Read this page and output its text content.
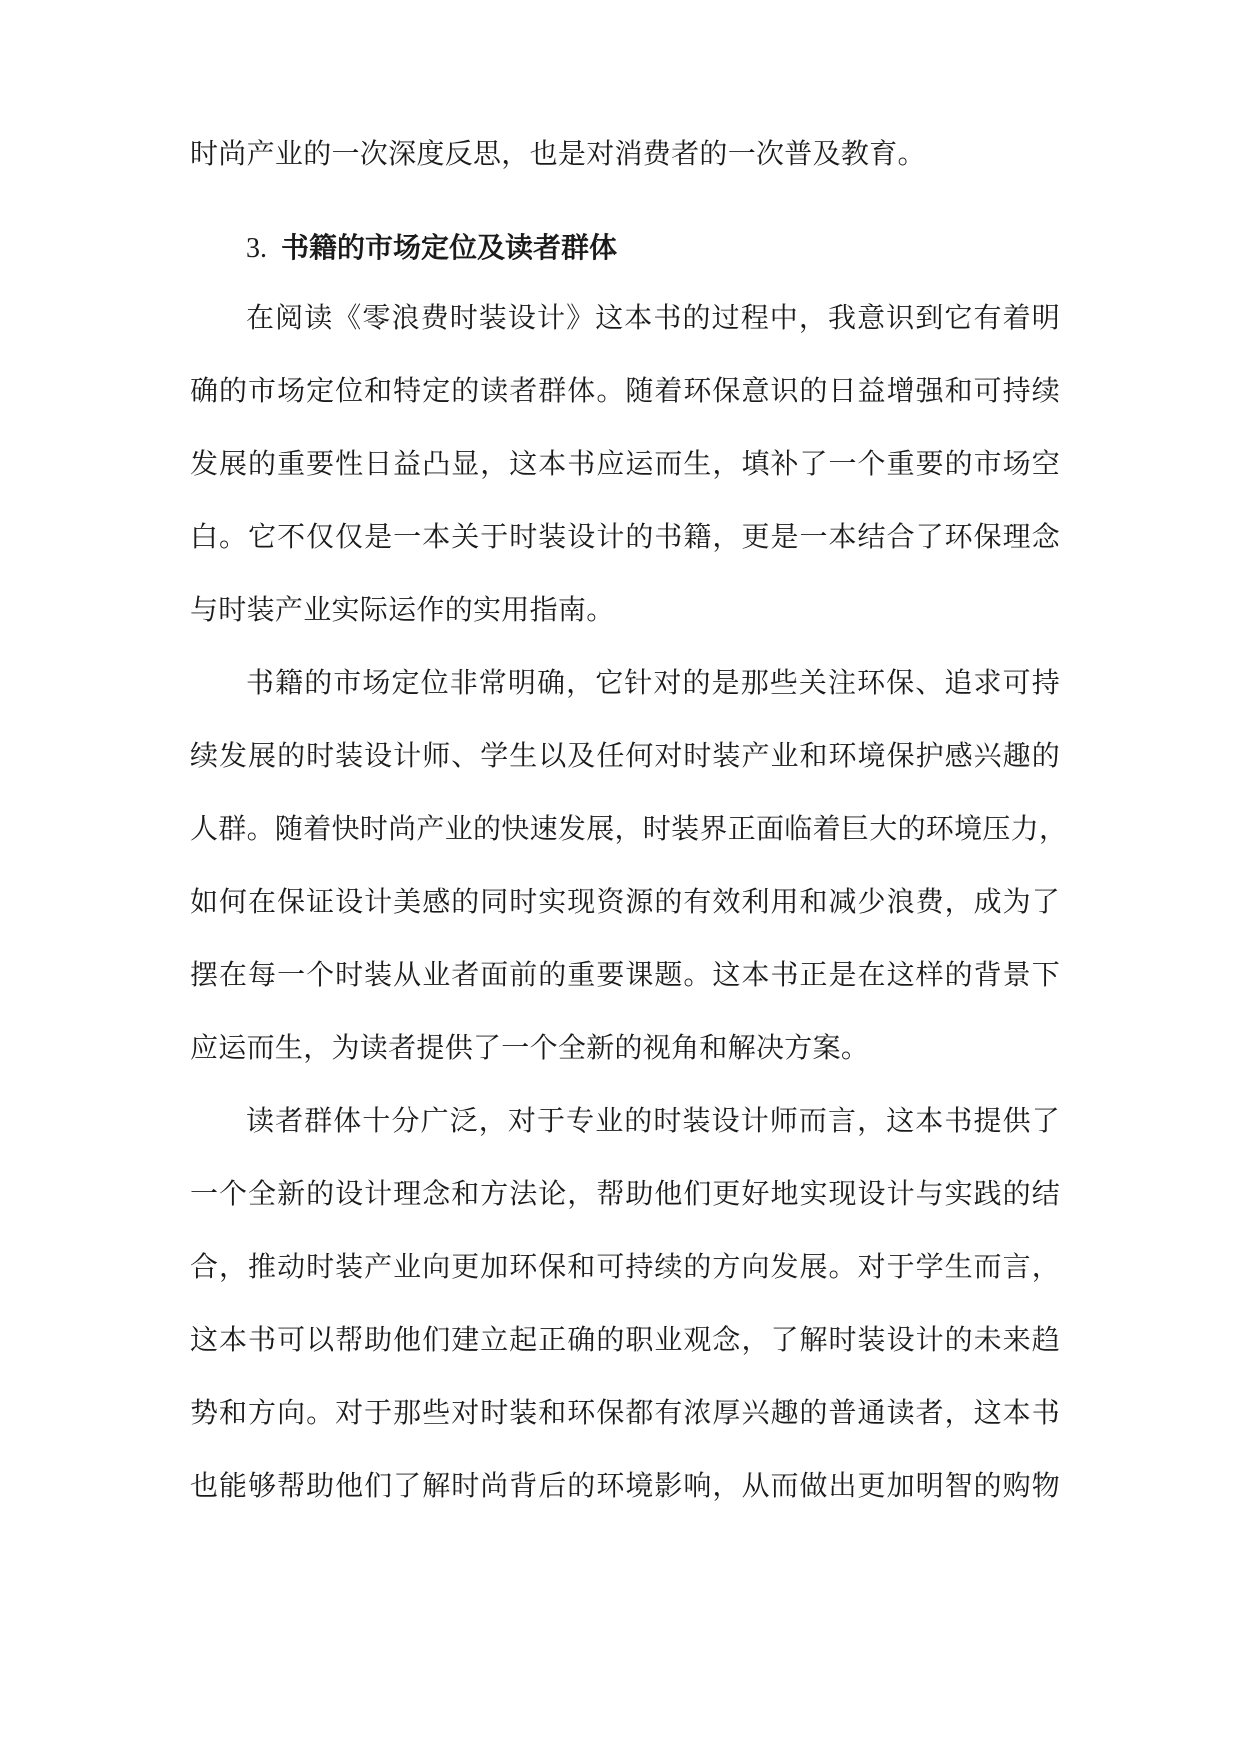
时尚产业的一次深度反思，也是对消费者的一次普及教育。
3. 书籍的市场定位及读者群体
在阅读《零浪费时装设计》这本书的过程中，我意识到它有着明
确的市场定位和特定的读者群体。随着环保意识的日益增强和可持续
发展的重要性日益凸显，这本书应运而生，填补了一个重要的市场空
白。它不仅仅是一本关于时装设计的书籍，更是一本结合了环保理念
与时装产业实际运作的实用指南。
书籍的市场定位非常明确，它针对的是那些关注环保、追求可持
续发展的时装设计师、学生以及任何对时装产业和环境保护感兴趣的
人群。随着快时尚产业的快速发展，时装界正面临着巨大的环境压力，
如何在保证设计美感的同时实现资源的有效利用和减少浪费，成为了
摆在每一个时装从业者面前的重要课题。这本书正是在这样的背景下
应运而生，为读者提供了一个全新的视角和解决方案。
读者群体十分广泛，对于专业的时装设计师而言，这本书提供了
一个全新的设计理念和方法论，帮助他们更好地实现设计与实践的结
合，推动时装产业向更加环保和可持续的方向发展。对于学生而言，
这本书可以帮助他们建立起正确的职业观念，了解时装设计的未来趋
势和方向。对于那些对时装和环保都有浓厚兴趣的普通读者，这本书
也能够帮助他们了解时尚背后的环境影响，从而做出更加明智的购物
